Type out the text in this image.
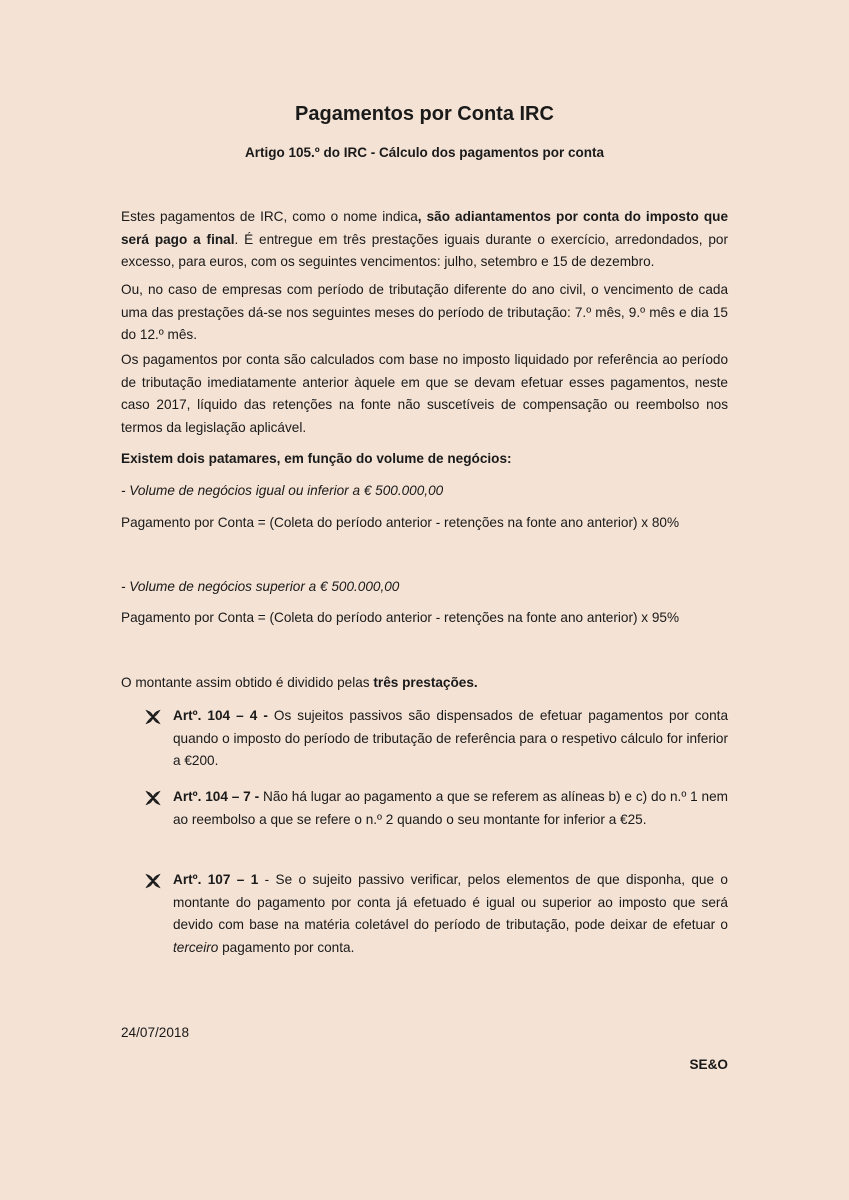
Pagamentos por Conta IRC
Artigo 105.º do IRC - Cálculo dos pagamentos por conta

Estes pagamentos de IRC, como o nome indica, são adiantamentos por conta do imposto que será pago a final. É entregue em três prestações iguais durante o exercício, arredondados, por excesso, para euros, com os seguintes vencimentos: julho, setembro e 15 de dezembro.

Ou, no caso de empresas com período de tributação diferente do ano civil, o vencimento de cada uma das prestações dá-se nos seguintes meses do período de tributação: 7.º mês, 9.º mês e dia 15 do 12.º mês.

Os pagamentos por conta são calculados com base no imposto liquidado por referência ao período de tributação imediatamente anterior àquele em que se devam efetuar esses pagamentos, neste caso 2017, líquido das retenções na fonte não suscetíveis de compensação ou reembolso nos termos da legislação aplicável.

Existem dois patamares, em função do volume de negócios:

- Volume de negócios igual ou inferior a € 500.000,00

Pagamento por Conta = (Coleta do período anterior - retenções na fonte ano anterior) x 80%

- Volume de negócios superior a € 500.000,00

Pagamento por Conta = (Coleta do período anterior - retenções na fonte ano anterior) x 95%

O montante assim obtido é dividido pelas três prestações.

Artº. 104 – 4 - Os sujeitos passivos são dispensados de efetuar pagamentos por conta quando o imposto do período de tributação de referência para o respetivo cálculo for inferior a €200.
Artº. 104 – 7 - Não há lugar ao pagamento a que se referem as alíneas b) e c) do n.º 1 nem ao reembolso a que se refere o n.º 2 quando o seu montante for inferior a €25.
Artº. 107 – 1 - Se o sujeito passivo verificar, pelos elementos de que disponha, que o montante do pagamento por conta já efetuado é igual ou superior ao imposto que será devido com base na matéria coletável do período de tributação, pode deixar de efetuar o terceiro pagamento por conta.
24/07/2018
SE&O
